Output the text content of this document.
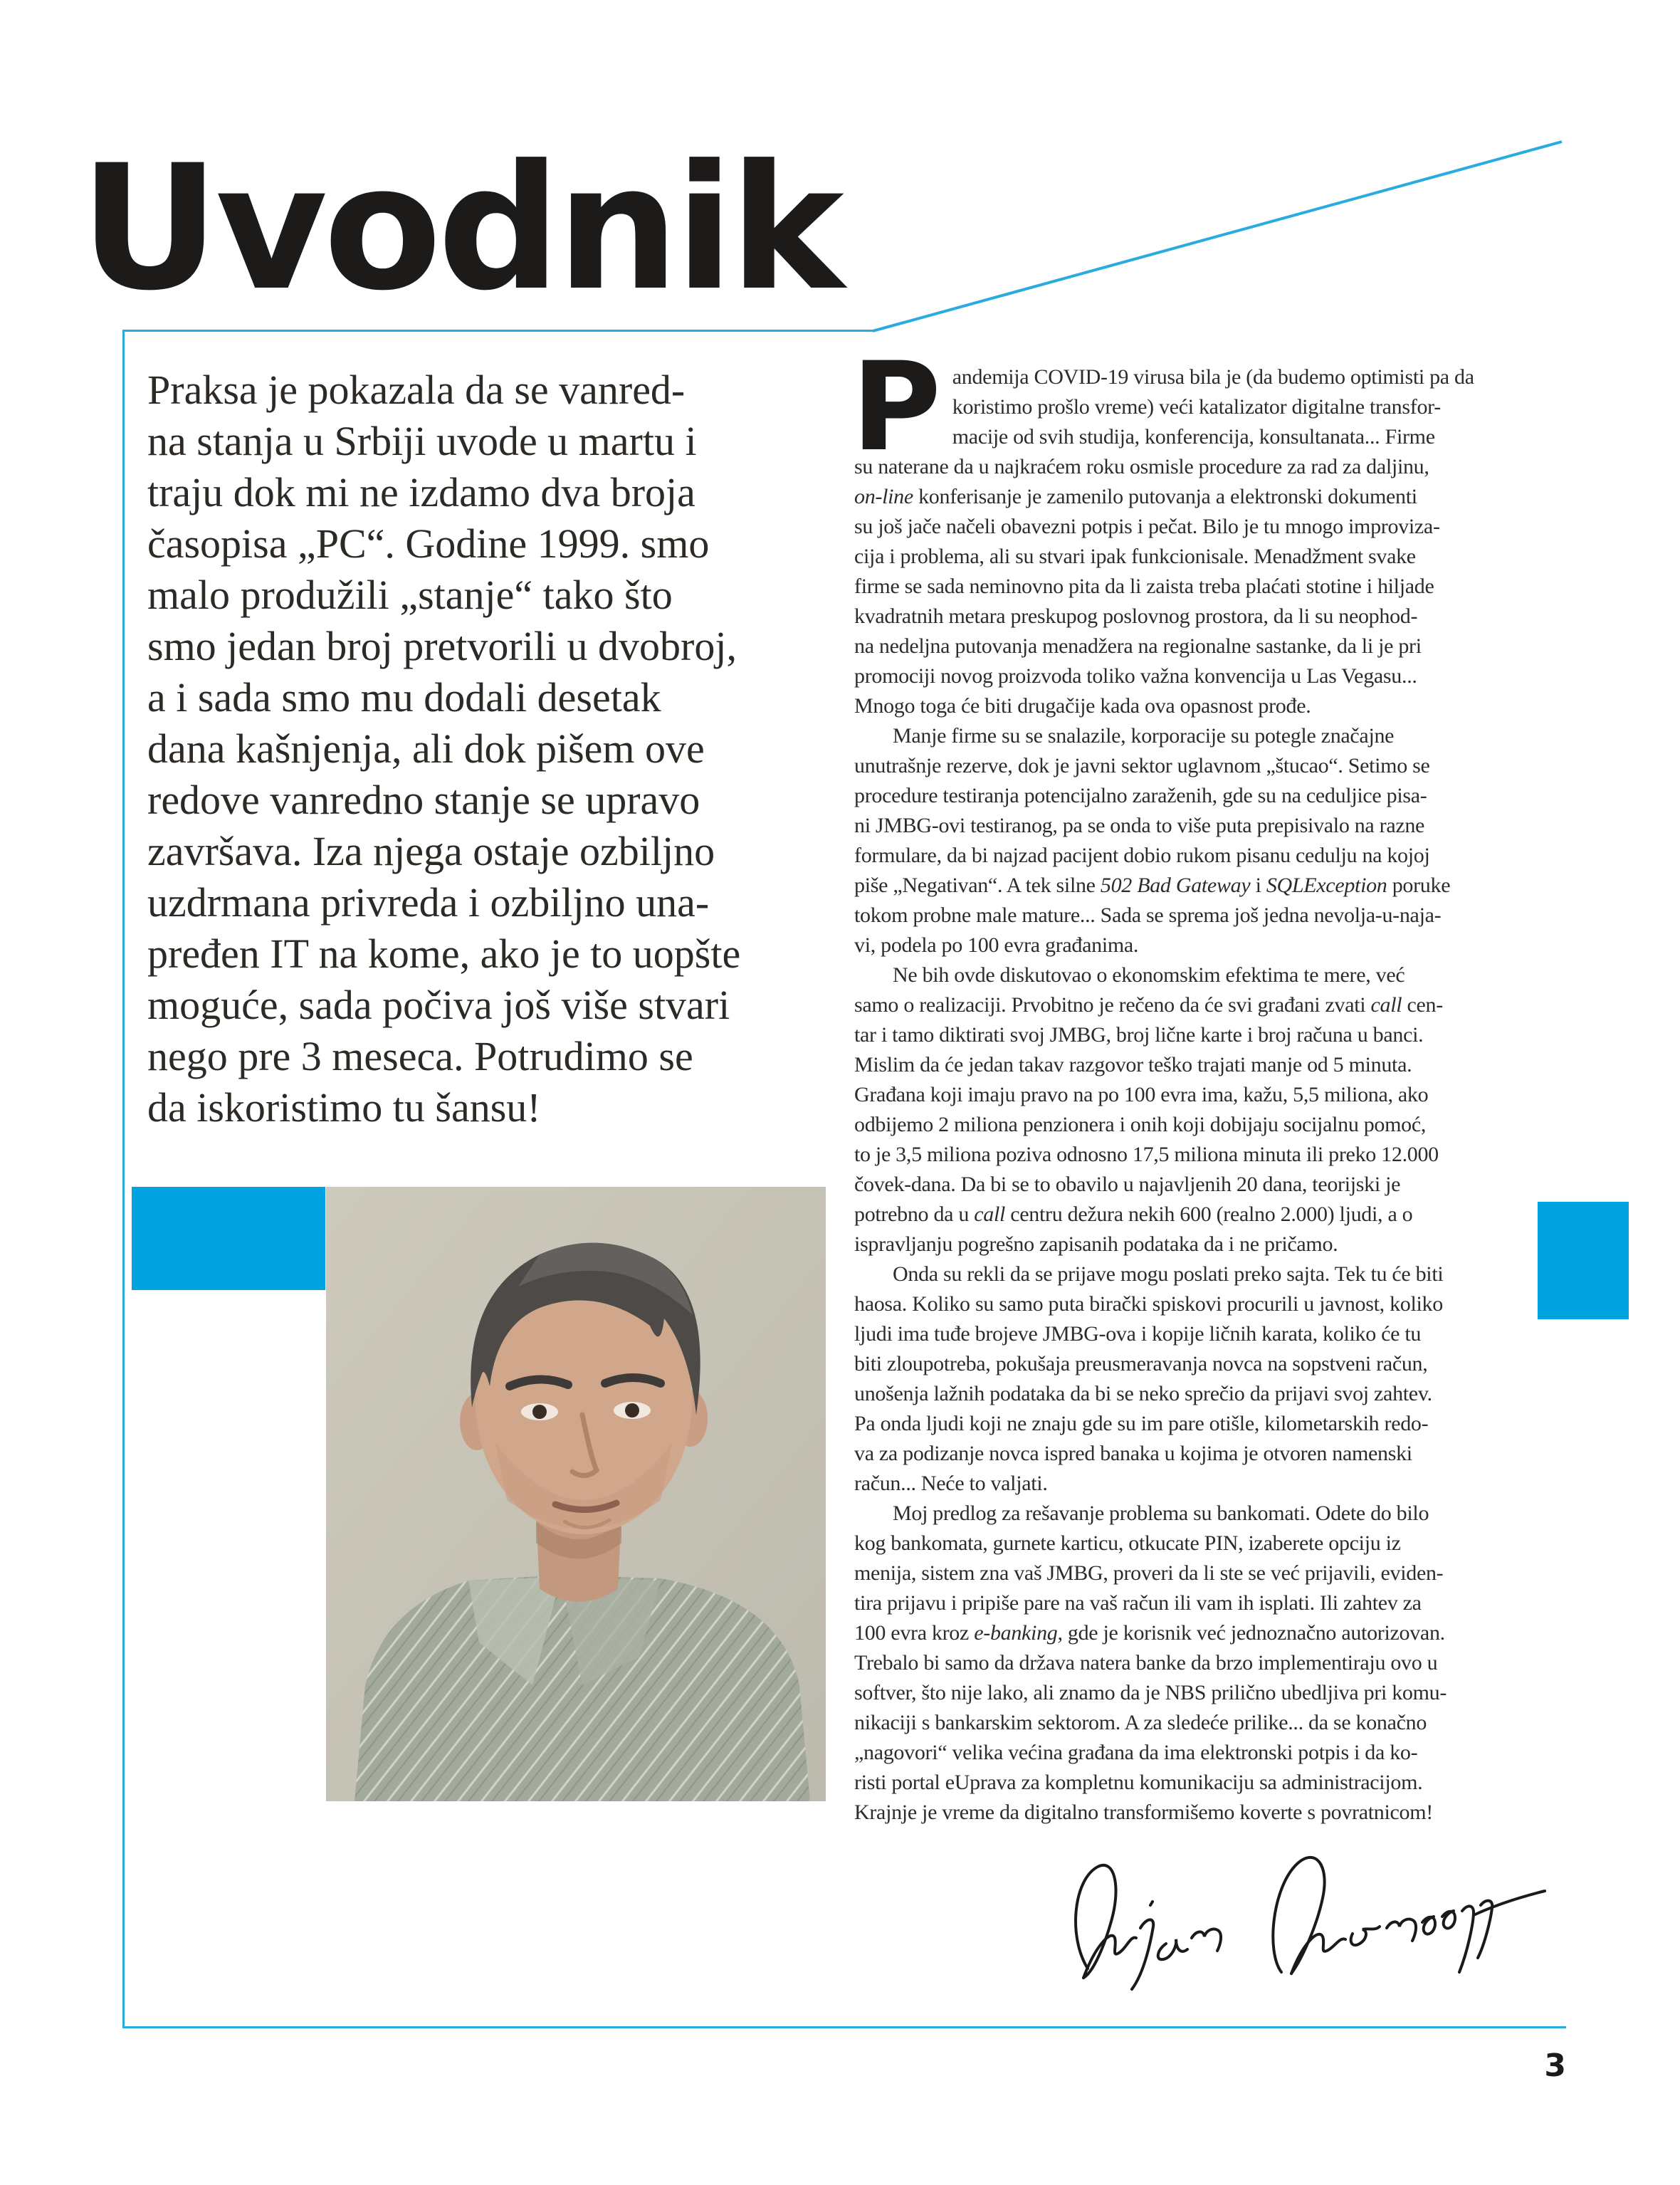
Uvodnik
Praksa je pokazala da se vanred-
na stanja u Srbiji uvode u martu i
traju dok mi ne izdamo dva broja
časopisa „PC“. Godine 1999. smo
malo produžili „stanje“ tako što
smo jedan broj pretvorili u dvobroj,
a i sada smo mu dodali desetak
dana kašnjenja, ali dok pišem ove
redove vanredno stanje se upravo
završava. Iza njega ostaje ozbiljno
uzdrmana privreda i ozbiljno una-
pređen IT na kome, ako je to uopšte
moguće, sada počiva još više stvari
nego pre 3 meseca. Potrudimo se
da iskoristimo tu šansu!
P andemija COVID-19 virusa bila je (da budemo optimisti pa da
koristimo prošlo vreme) veći katalizator digitalne transfor-
macije od svih studija, konferencija, konsultanata... Firme
su naterane da u najkraćem roku osmisle procedure za rad za daljinu,
on-line konferisanje je zamenilo putovanja a elektronski dokumenti
su još jače načeli obavezni potpis i pečat. Bilo je tu mnogo improviza-
cija i problema, ali su stvari ipak funkcionisale. Menadžment svake
firme se sada neminovno pita da li zaista treba plaćati stotine i hiljade
kvadratnih metara preskupog poslovnog prostora, da li su neophod-
na nedeljna putovanja menadžera na regionalne sastanke, da li je pri
promociji novog proizvoda toliko važna konvencija u Las Vegasu...
Mnogo toga će biti drugačije kada ova opasnost prođe.
Manje firme su se snalazile, korporacije su potegle značajne
unutrašnje rezerve, dok je javni sektor uglavnom „štucao“. Setimo se
procedure testiranja potencijalno zaraženih, gde su na ceduljice pisa-
ni JMBG-ovi testiranog, pa se onda to više puta prepisivalo na razne
formulare, da bi najzad pacijent dobio rukom pisanu cedulju na kojoj
piše „Negativan“. A tek silne 502 Bad Gateway i SQLException poruke
tokom probne male mature... Sada se sprema još jedna nevolja-u-naja-
vi, podela po 100 evra građanima.
Ne bih ovde diskutovao o ekonomskim efektima te mere, već
samo o realizaciji. Prvobitno je rečeno da će svi građani zvati call cen-
tar i tamo diktirati svoj JMBG, broj lične karte i broj računa u banci.
Mislim da će jedan takav razgovor teško trajati manje od 5 minuta.
Građana koji imaju pravo na po 100 evra ima, kažu, 5,5 miliona, ako
odbijemo 2 miliona penzionera i onih koji dobijaju socijalnu pomoć,
to je 3,5 miliona poziva odnosno 17,5 miliona minuta ili preko 12.000
čovek-dana. Da bi se to obavilo u najavljenih 20 dana, teorijski je
potrebno da u call centru dežura nekih 600 (realno 2.000) ljudi, a o
ispravljanju pogrešno zapisanih podataka da i ne pričamo.
Onda su rekli da se prijave mogu poslati preko sajta. Tek tu će biti
haosa. Koliko su samo puta birački spiskovi procurili u javnost, koliko
ljudi ima tuđe brojeve JMBG-ova i kopije ličnih karata, koliko će tu
biti zloupotreba, pokušaja preusmeravanja novca na sopstveni račun,
unošenja lažnih podataka da bi se neko sprečio da prijavi svoj zahtev.
Pa onda ljudi koji ne znaju gde su im pare otišle, kilometarskih redo-
va za podizanje novca ispred banaka u kojima je otvoren namenski
račun... Neće to valjati.
Moj predlog za rešavanje problema su bankomati. Odete do bilo
kog bankomata, gurnete karticu, otkucate PIN, izaberete opciju iz
menija, sistem zna vaš JMBG, proveri da li ste se već prijavili, eviden-
tira prijavu i pripiše pare na vaš račun ili vam ih isplati. Ili zahtev za
100 evra kroz e-banking, gde je korisnik već jednoznačno autorizovan.
Trebalo bi samo da država natera banke da brzo implementiraju ovo u
softver, što nije lako, ali znamo da je NBS prilično ubedljiva pri komu-
nikaciji s bankarskim sektorom. A za sledeće prilike... da se konačno
„nagovori“ velika većina građana da ima elektronski potpis i da ko-
risti portal eUprava za kompletnu komunikaciju sa administracijom.
Krajnje je vreme da digitalno transformišemo koverte s povratnicom!
3
